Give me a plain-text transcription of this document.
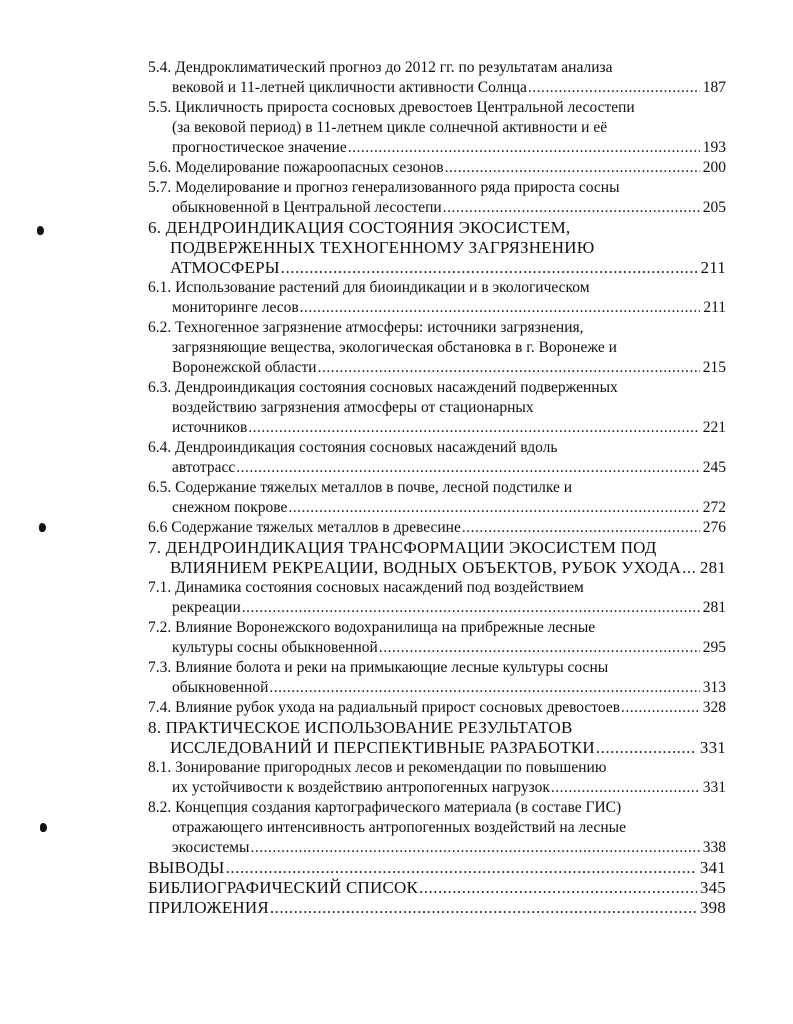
5.4. Дендроклиматический прогноз до 2012 гг. по результатам анализа
вековой и 11-летней цикличности активности Солнца .....	187
5.5. Цикличность прироста сосновых древостоев Центральной лесостепи
(за вековой период) в 11-летнем цикле солнечной активности и её
прогностическое значение .....	193
5.6. Моделирование пожароопасных сезонов .....	200
5.7. Моделирование и прогноз генерализованного ряда прироста сосны
обыкновенной в Центральной лесостепи .....	205
6. ДЕНДРОИНДИКАЦИЯ СОСТОЯНИЯ ЭКОСИСТЕМ,
ПОДВЕРЖЕННЫХ ТЕХНОГЕННОМУ ЗАГРЯЗНЕНИЮ
АТМОСФЕРЫ .....	211
6.1. Использование растений для биоиндикации и в экологическом
мониторинге лесов .....	211
6.2. Техногенное загрязнение атмосферы: источники загрязнения,
загрязняющие вещества, экологическая обстановка в г. Воронеже и
Воронежской области .....	215
6.3. Дендроиндикация состояния сосновых насаждений подверженных
воздействию загрязнения атмосферы от стационарных
источников .....	221
6.4. Дендроиндикация состояния сосновых насаждений вдоль
автотрасс .....	245
6.5. Содержание тяжелых металлов в почве, лесной подстилке и
снежном покрове .....	272
6.6 Содержание тяжелых металлов в древесине .....	276
7. ДЕНДРОИНДИКАЦИЯ ТРАНСФОРМАЦИИ ЭКОСИСТЕМ ПОД
ВЛИЯНИЕМ РЕКРЕАЦИИ, ВОДНЫХ ОБЪЕКТОВ, РУБОК УХОДА ..... 281
7.1. Динамика состояния сосновых насаждений под воздействием
рекреации .....	281
7.2. Влияние Воронежского водохранилища на прибрежные лесные
культуры сосны обыкновенной .....	295
7.3. Влияние болота и реки на примыкающие лесные культуры сосны
обыкновенной .....	313
7.4. Влияние рубок ухода на радиальный прирост сосновых древостоев .....	328
8. ПРАКТИЧЕСКОЕ ИСПОЛЬЗОВАНИЕ РЕЗУЛЬТАТОВ
ИССЛЕДОВАНИЙ И ПЕРСПЕКТИВНЫЕ РАЗРАБОТКИ .....	331
8.1. Зонирование пригородных лесов и рекомендации по повышению
их устойчивости к воздействию антропогенных нагрузок .....	331
8.2. Концепция создания картографического материала (в составе ГИС)
отражающего интенсивность антропогенных воздействий на лесные
экосистемы .....	338
ВЫВОДЫ .....	341
БИБЛИОГРАФИЧЕСКИЙ СПИСОК .....	345
ПРИЛОЖЕНИЯ .....	398
